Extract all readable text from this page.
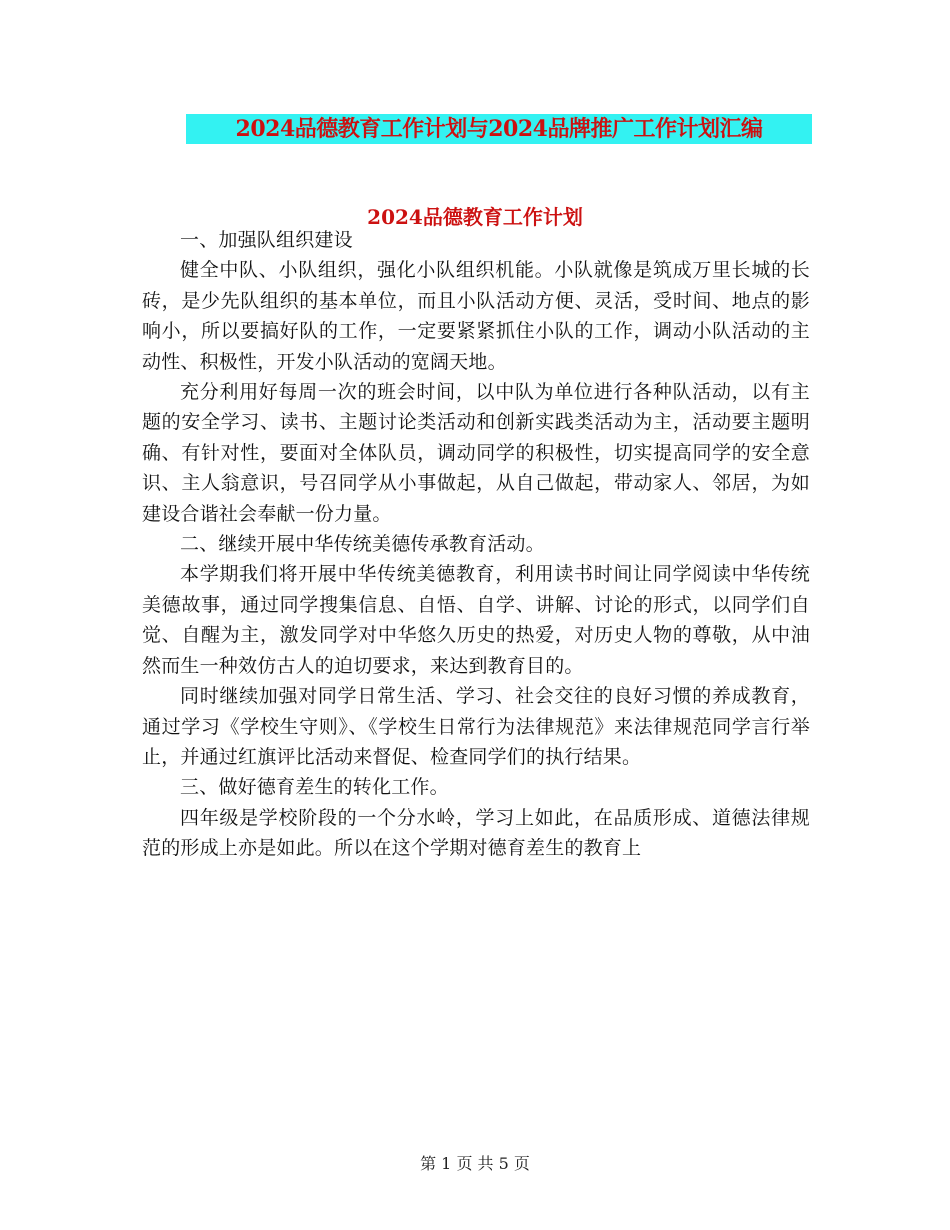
2024品德教育工作计划与2024品牌推广工作计划汇编
2024品德教育工作计划

一、加强队组织建设

健全中队、小队组织，强化小队组织机能。小队就像是筑成万里长城的长砖，是少先队组织的基本单位，而且小队活动方便、灵活，受时间、地点的影响小，所以要搞好队的工作，一定要紧紧抓住小队的工作，调动小队活动的主动性、积极性，开发小队活动的宽阔天地。

充分利用好每周一次的班会时间，以中队为单位进行各种队活动，以有主题的安全学习、读书、主题讨论类活动和创新实践类活动为主，活动要主题明确、有针对性，要面对全体队员，调动同学的积极性，切实提高同学的安全意识、主人翁意识，号召同学从小事做起，从自己做起，带动家人、邻居，为如建设合谐社会奉献一份力量。

二、继续开展中华传统美德传承教育活动。

本学期我们将开展中华传统美德教育，利用读书时间让同学阅读中华传统美德故事，通过同学搜集信息、自悟、自学、讲解、讨论的形式，以同学们自觉、自醒为主，激发同学对中华悠久历史的热爱，对历史人物的尊敬，从中油然而生一种效仿古人的迫切要求，来达到教育目的。

同时继续加强对同学日常生活、学习、社会交往的良好习惯的养成教育，通过学习《学校生守则》、《学校生日常行为法律规范》来法律规范同学言行举止，并通过红旗评比活动来督促、检查同学们的执行结果。

三、做好德育差生的转化工作。

四年级是学校阶段的一个分水岭，学习上如此，在品质形成、道德法律规范的形成上亦是如此。所以在这个学期对德育差生的教育上

第 1 页 共 5 页
